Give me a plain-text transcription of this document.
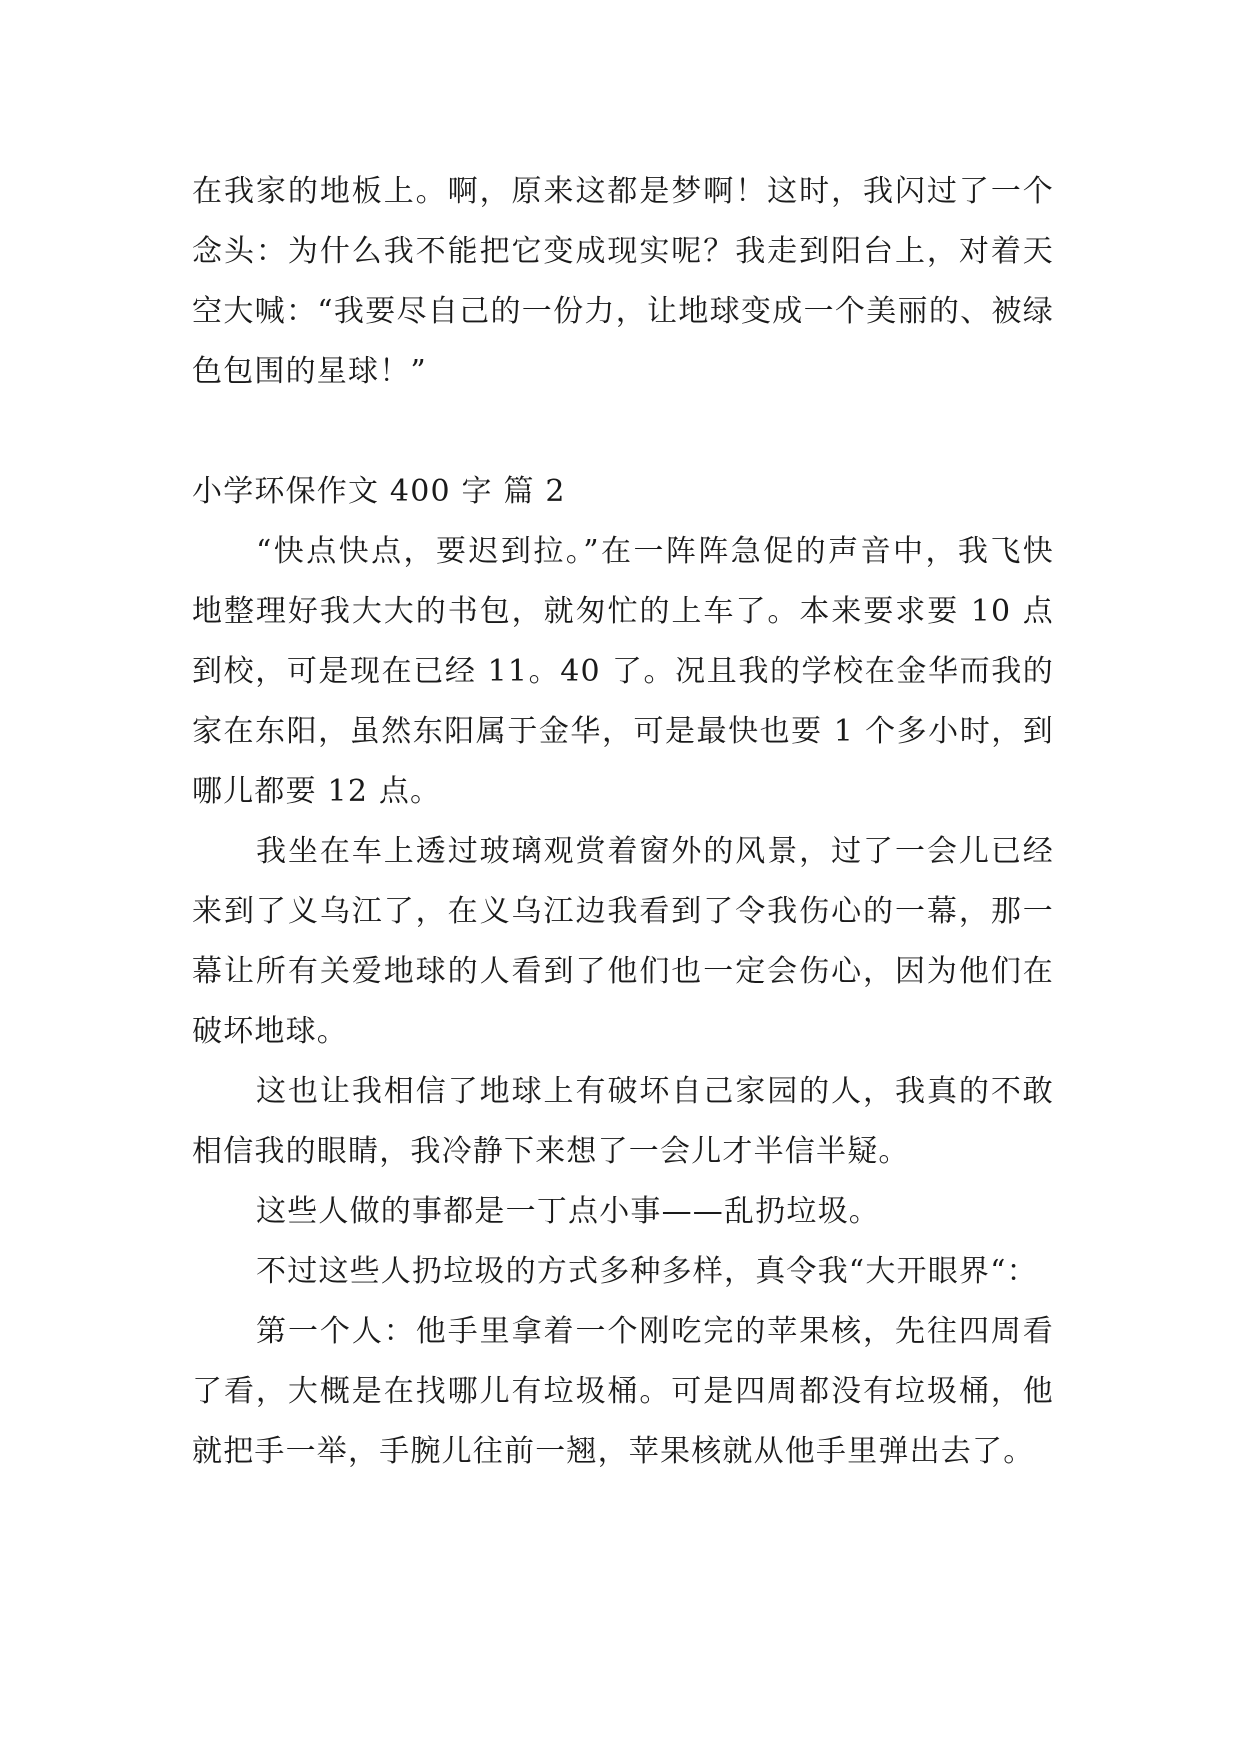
在我家的地板上。啊，原来这都是梦啊！这时，我闪过了一个念头：为什么我不能把它变成现实呢？我走到阳台上，对着天空大喊：“我要尽自己的一份力，让地球变成一个美丽的、被绿色包围的星球！”

小学环保作文 400 字 篇 2

“快点快点，要迟到拉。”在一阵阵急促的声音中，我飞快地整理好我大大的书包，就匆忙的上车了。本来要求要 10 点到校，可是现在已经 11。40 了。况且我的学校在金华而我的家在东阳，虽然东阳属于金华，可是最快也要 1 个多小时，到哪儿都要 12 点。

我坐在车上透过玻璃观赏着窗外的风景，过了一会儿已经来到了义乌江了，在义乌江边我看到了令我伤心的一幕，那一幕让所有关爱地球的人看到了他们也一定会伤心，因为他们在破坏地球。

这也让我相信了地球上有破坏自己家园的人，我真的不敢相信我的眼睛，我冷静下来想了一会儿才半信半疑。

这些人做的事都是一丁点小事——乱扔垃圾。

不过这些人扔垃圾的方式多种多样，真令我“大开眼界“：

第一个人：他手里拿着一个刚吃完的苹果核，先往四周看了看，大概是在找哪儿有垃圾桶。可是四周都没有垃圾桶，他就把手一举，手腕儿往前一翘，苹果核就从他手里弹出去了。
